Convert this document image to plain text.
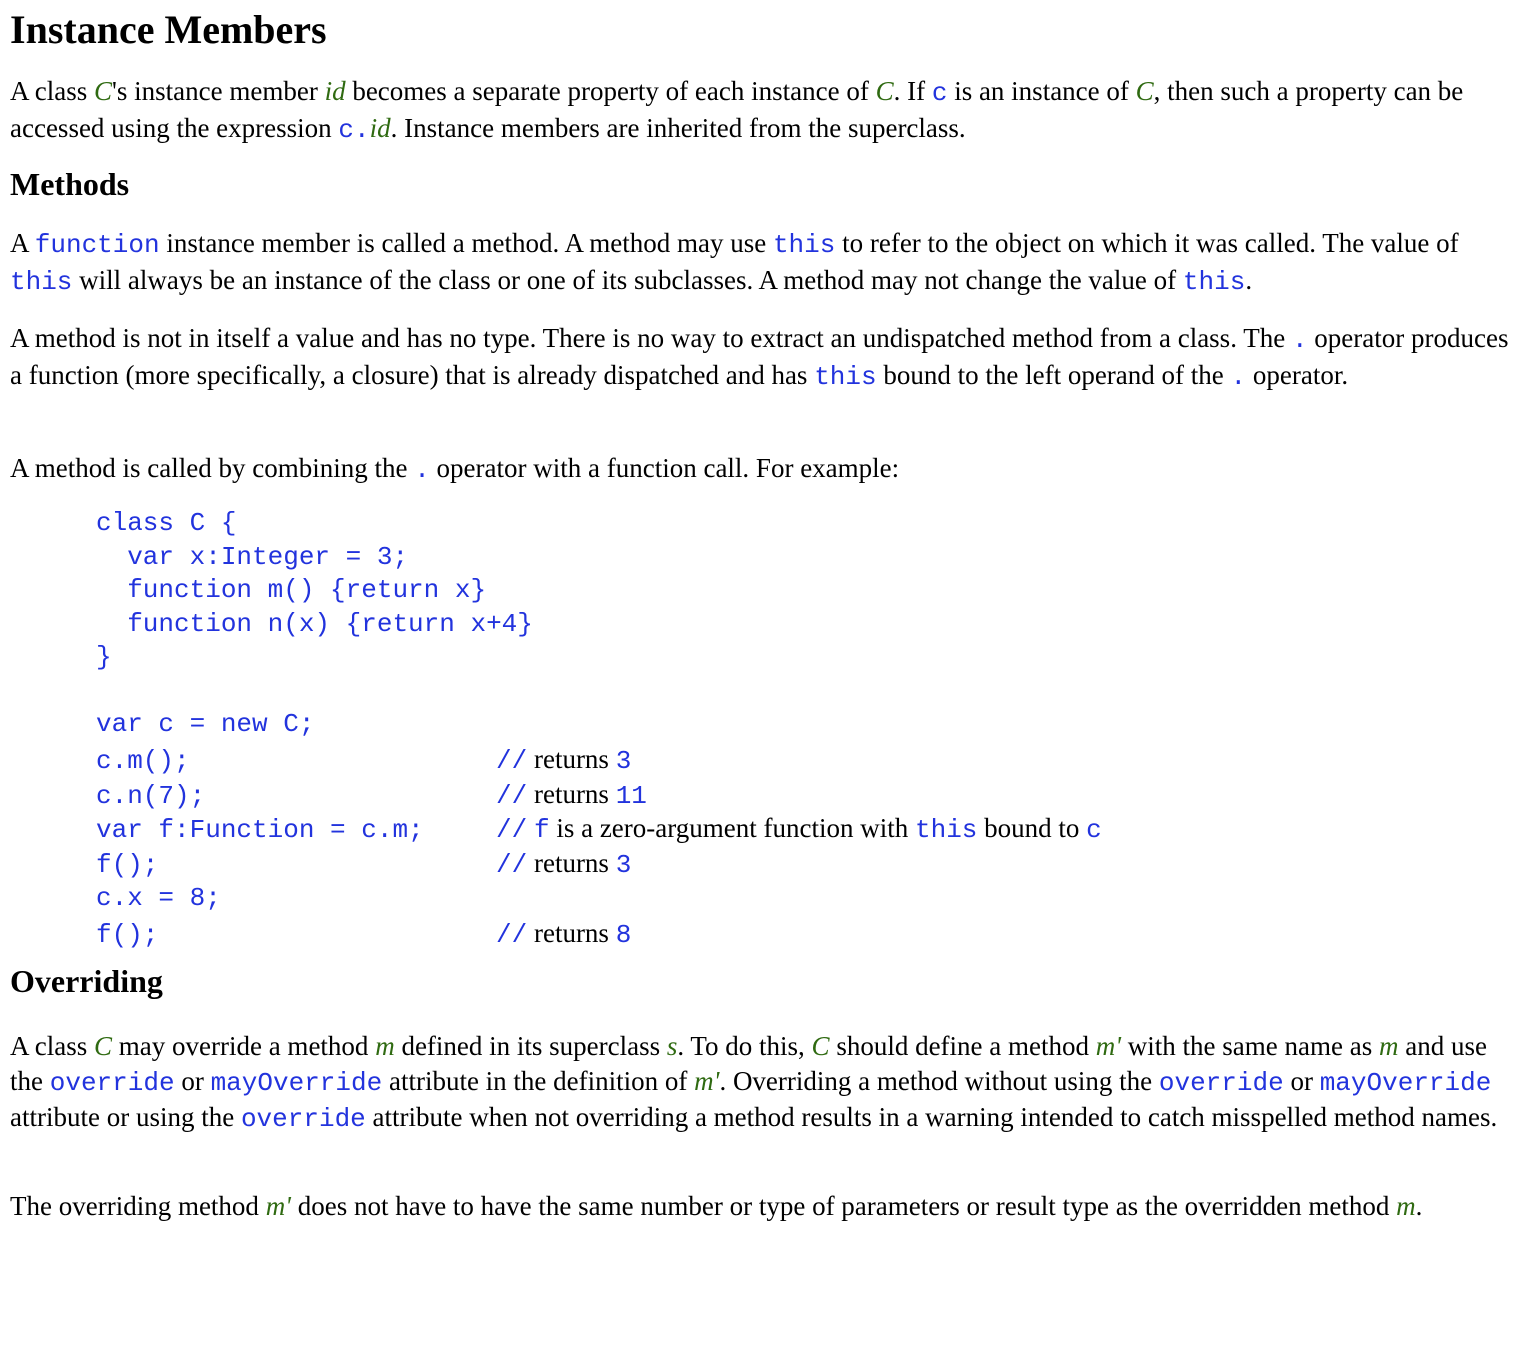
Instance Members

A class C's instance member id becomes a separate property of each instance of C. If c is an instance of C, then such a property can be accessed using the expression c.id. Instance members are inherited from the superclass.

Methods

A function instance member is called a method. A method may use this to refer to the object on which it was called. The value of this will always be an instance of the class or one of its subclasses. A method may not change the value of this.

A method is not in itself a value and has no type. There is no way to extract an undispatched method from a class. The . operator produces a function (more specifically, a closure) that is already dispatched and has this bound to the left operand of the . operator.

A method is called by combining the . operator with a function call. For example:

class C {
var x:Integer = 3;
function m() {return x}
function n(x) {return x+4}
}
var c = new C;
c.m();	// returns 3
c.n(7);	// returns 11
var f:Function = c.m;	// f is a zero-argument function with this bound to c
f();	// returns 3
c.x = 8;
f();	// returns 8
Overriding

A class C may override a method m defined in its superclass s. To do this, C should define a method m' with the same name as m and use the override or mayOverride attribute in the definition of m'. Overriding a method without using the override or mayOverride attribute or using the override attribute when not overriding a method results in a warning intended to catch misspelled method names.

The overriding method m' does not have to have the same number or type of parameters or result type as the overridden method m.
